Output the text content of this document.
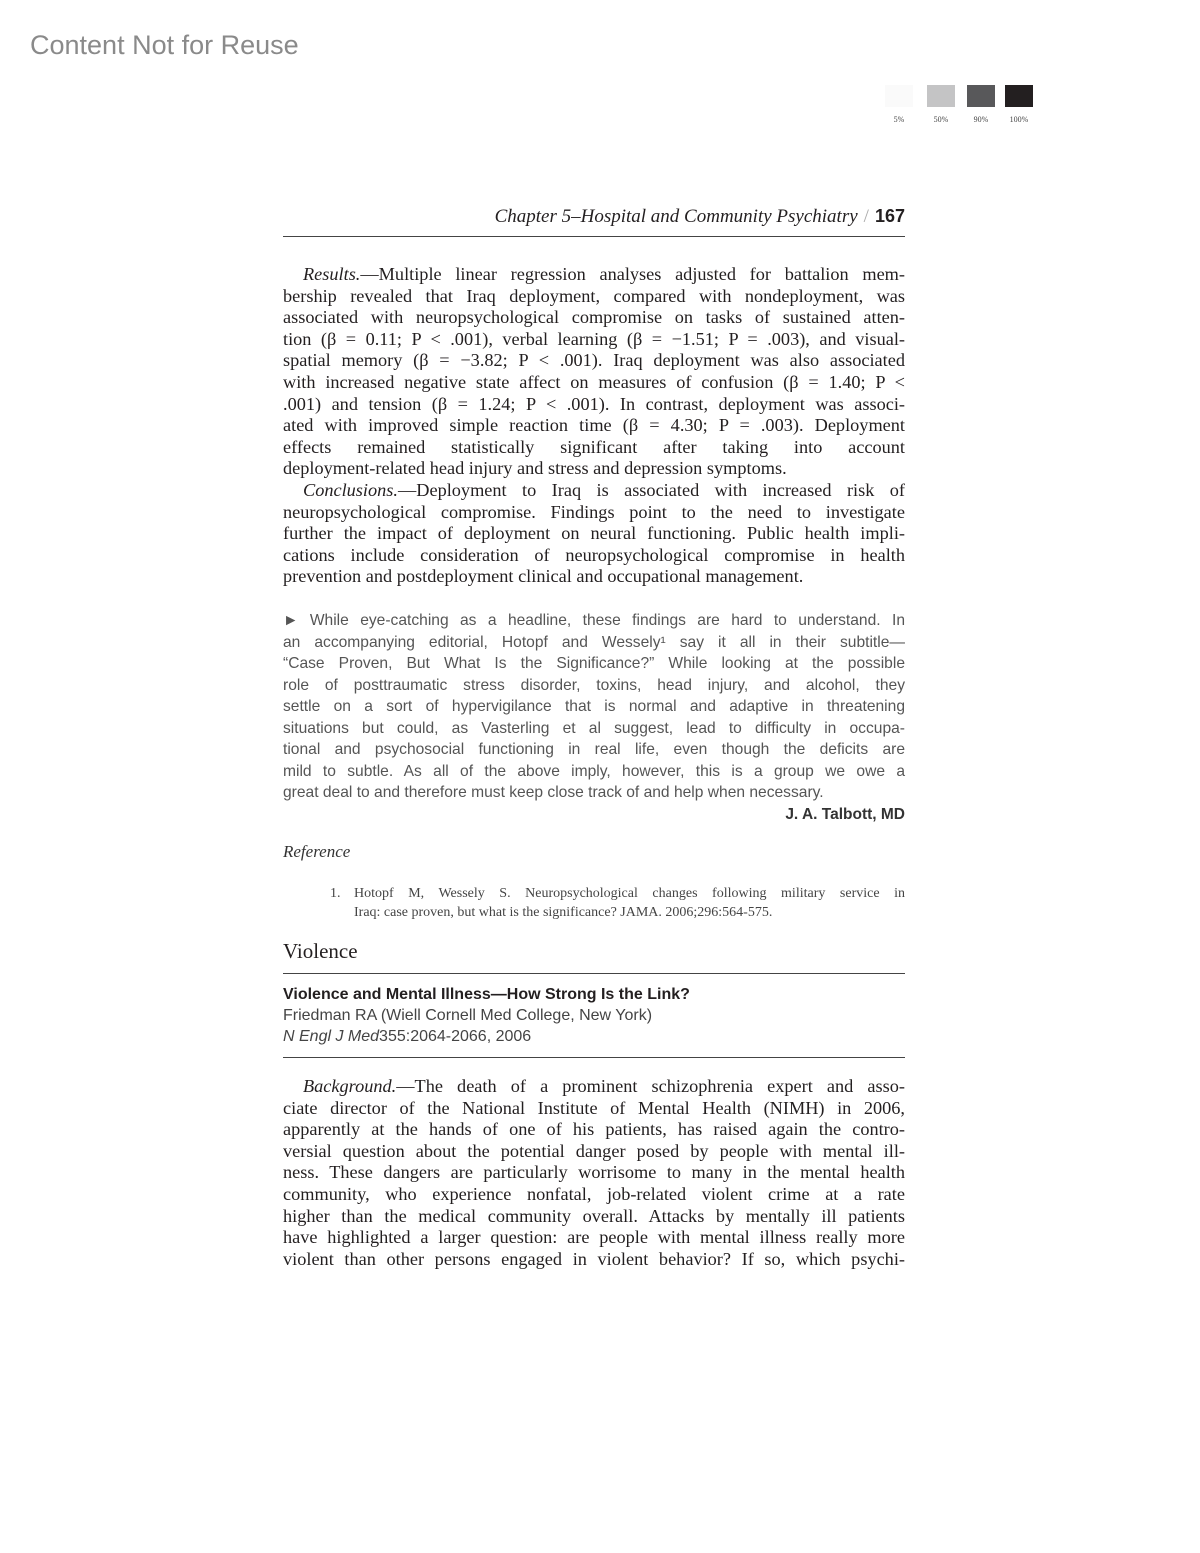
Content Not for Reuse
5%	50%	90%	100%
Chapter 5–Hospital and Community Psychiatry / 167
Results.—Multiple linear regression analyses adjusted for battalion mem-
bership revealed that Iraq deployment, compared with nondeployment, was
associated with neuropsychological compromise on tasks of sustained atten-
tion (β = 0.11; P < .001), verbal learning (β = −1.51; P = .003), and visual-
spatial memory (β = −3.82; P < .001). Iraq deployment was also associated
with increased negative state affect on measures of confusion (β = 1.40; P <
.001) and tension (β = 1.24; P < .001). In contrast, deployment was associ-
ated with improved simple reaction time (β = 4.30; P = .003). Deployment
effects remained statistically significant after taking into account
deployment-related head injury and stress and depression symptoms.
Conclusions.—Deployment to Iraq is associated with increased risk of
neuropsychological compromise. Findings point to the need to investigate
further the impact of deployment on neural functioning. Public health impli-
cations include consideration of neuropsychological compromise in health
prevention and postdeployment clinical and occupational management.
► While eye-catching as a headline, these findings are hard to understand. In
an accompanying editorial, Hotopf and Wessely¹ say it all in their subtitle—
“Case Proven, But What Is the Significance?” While looking at the possible
role of posttraumatic stress disorder, toxins, head injury, and alcohol, they
settle on a sort of hypervigilance that is normal and adaptive in threatening
situations but could, as Vasterling et al suggest, lead to difficulty in occupa-
tional and psychosocial functioning in real life, even though the deficits are
mild to subtle. As all of the above imply, however, this is a group we owe a
great deal to and therefore must keep close track of and help when necessary.
J. A. Talbott, MD
Reference
1. Hotopf M, Wessely S. Neuropsychological changes following military service in
Iraq: case proven, but what is the significance? JAMA. 2006;296:564-575.
Violence
Violence and Mental Illness—How Strong Is the Link?
Friedman RA (Wiell Cornell Med College, New York)
N Engl J Med355:2064-2066, 2006
Background.—The death of a prominent schizophrenia expert and asso-
ciate director of the National Institute of Mental Health (NIMH) in 2006,
apparently at the hands of one of his patients, has raised again the contro-
versial question about the potential danger posed by people with mental ill-
ness. These dangers are particularly worrisome to many in the mental health
community, who experience nonfatal, job-related violent crime at a rate
higher than the medical community overall. Attacks by mentally ill patients
have highlighted a larger question: are people with mental illness really more
violent than other persons engaged in violent behavior? If so, which psychi-
